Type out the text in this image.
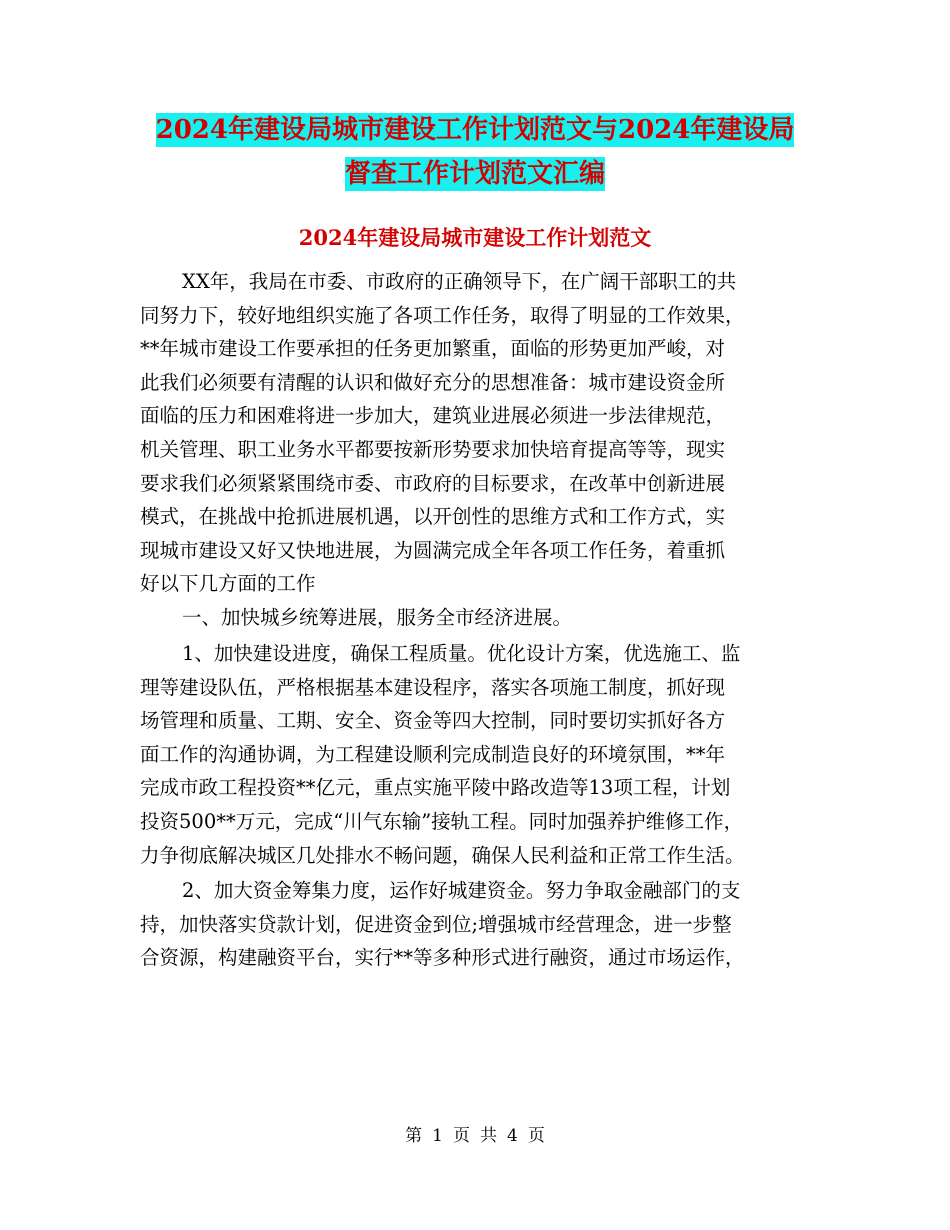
2024年建设局城市建设工作计划范文与2024年建设局
督查工作计划范文汇编
2024年建设局城市建设工作计划范文
XX年，我局在市委、市政府的正确领导下，在广阔干部职工的共
同努力下，较好地组织实施了各项工作任务，取得了明显的工作效果，
**年城市建设工作要承担的任务更加繁重，面临的形势更加严峻，对
此我们必须要有清醒的认识和做好充分的思想准备：城市建设资金所
面临的压力和困难将进一步加大，建筑业进展必须进一步法律规范，
机关管理、职工业务水平都要按新形势要求加快培育提高等等，现实
要求我们必须紧紧围绕市委、市政府的目标要求，在改革中创新进展
模式，在挑战中抢抓进展机遇，以开创性的思维方式和工作方式，实
现城市建设又好又快地进展，为圆满完成全年各项工作任务，着重抓
好以下几方面的工作
一、加快城乡统筹进展，服务全市经济进展。
1、加快建设进度，确保工程质量。优化设计方案，优选施工、监
理等建设队伍，严格根据基本建设程序，落实各项施工制度，抓好现
场管理和质量、工期、安全、资金等四大控制，同时要切实抓好各方
面工作的沟通协调，为工程建设顺利完成制造良好的环境氛围，**年
完成市政工程投资**亿元，重点实施平陵中路改造等13项工程，计划
投资500**万元，完成“川气东输”接轨工程。同时加强养护维修工作，
力争彻底解决城区几处排水不畅问题，确保人民利益和正常工作生活。
2、加大资金筹集力度，运作好城建资金。努力争取金融部门的支
持，加快落实贷款计划，促进资金到位;增强城市经营理念，进一步整
合资源，构建融资平台，实行**等多种形式进行融资，通过市场运作，
第 1 页 共 4 页
